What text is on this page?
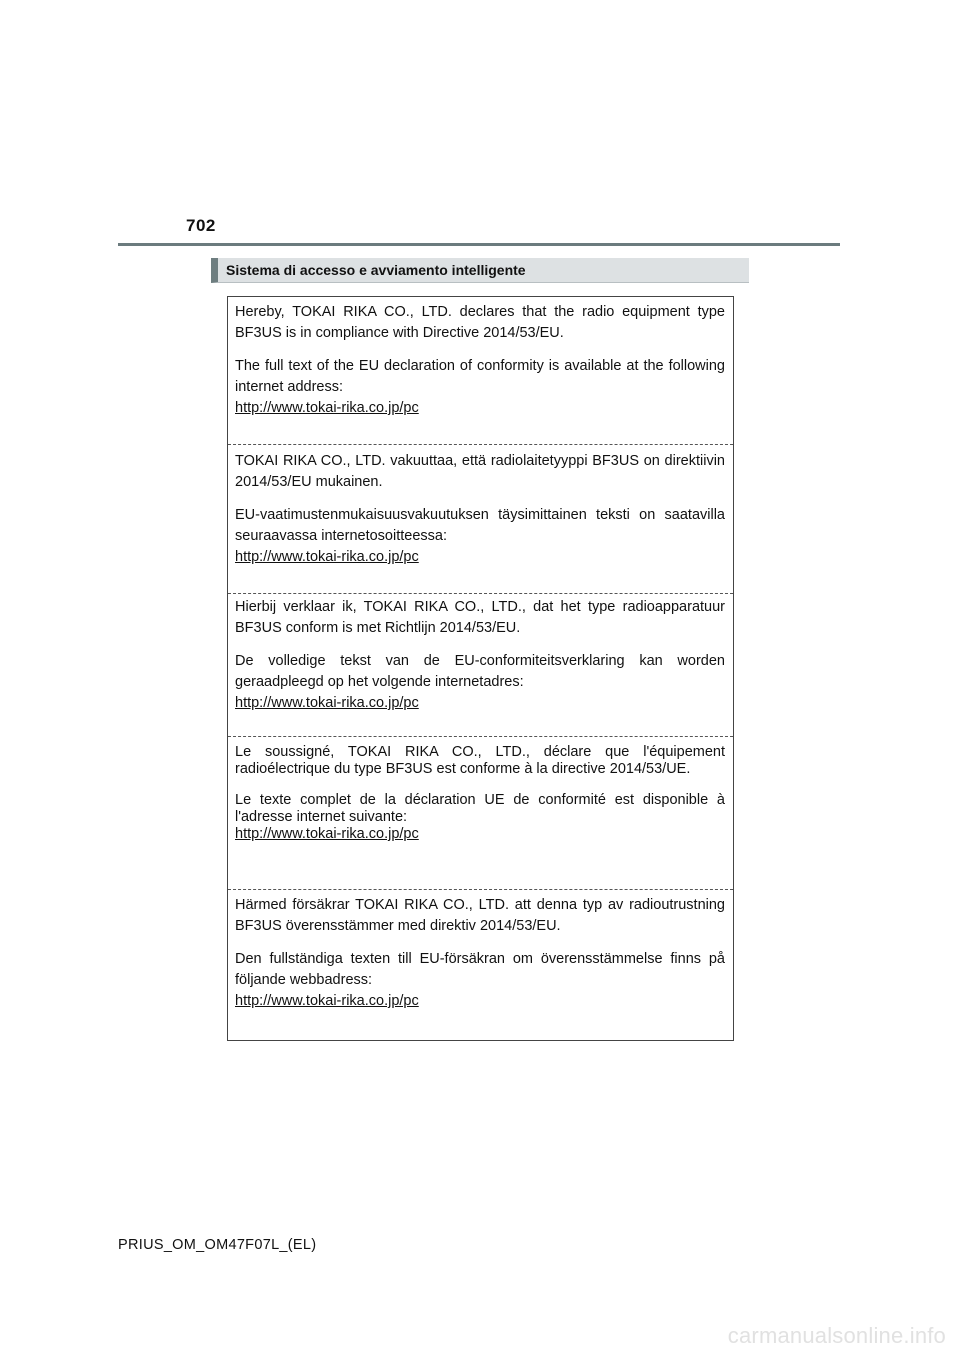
702
Sistema di accesso e avviamento intelligente

Hereby, TOKAI RIKA CO., LTD. declares that the radio equipment type BF3US is in compliance with Directive 2014/53/EU.

The full text of the EU declaration of conformity is available at the following internet address:
http://www.tokai-rika.co.jp/pc

TOKAI RIKA CO., LTD. vakuuttaa, että radiolaitetyyppi BF3US on direktiivin 2014/53/EU mukainen.

EU-vaatimustenmukaisuusvakuutuksen täysimittainen teksti on saatavilla seuraavassa internetosoitteessa:
http://www.tokai-rika.co.jp/pc

Hierbij verklaar ik, TOKAI RIKA CO., LTD., dat het type radioapparatuur BF3US conform is met Richtlijn 2014/53/EU.

De volledige tekst van de EU-conformiteitsverklaring kan worden geraadpleegd op het volgende internetadres:
http://www.tokai-rika.co.jp/pc

Le soussigné, TOKAI RIKA CO., LTD., déclare que l'équipement radioélectrique du type BF3US est conforme à la directive 2014/53/UE.

Le texte complet de la déclaration UE de conformité est disponible à l'adresse internet suivante:
http://www.tokai-rika.co.jp/pc

Härmed försäkrar TOKAI RIKA CO., LTD. att denna typ av radioutrustning BF3US överensstämmer med direktiv 2014/53/EU.

Den fullständiga texten till EU-försäkran om överensstämmelse finns på följande webbadress:
http://www.tokai-rika.co.jp/pc

PRIUS_OM_OM47F07L_(EL)
carmanualsonline.info
